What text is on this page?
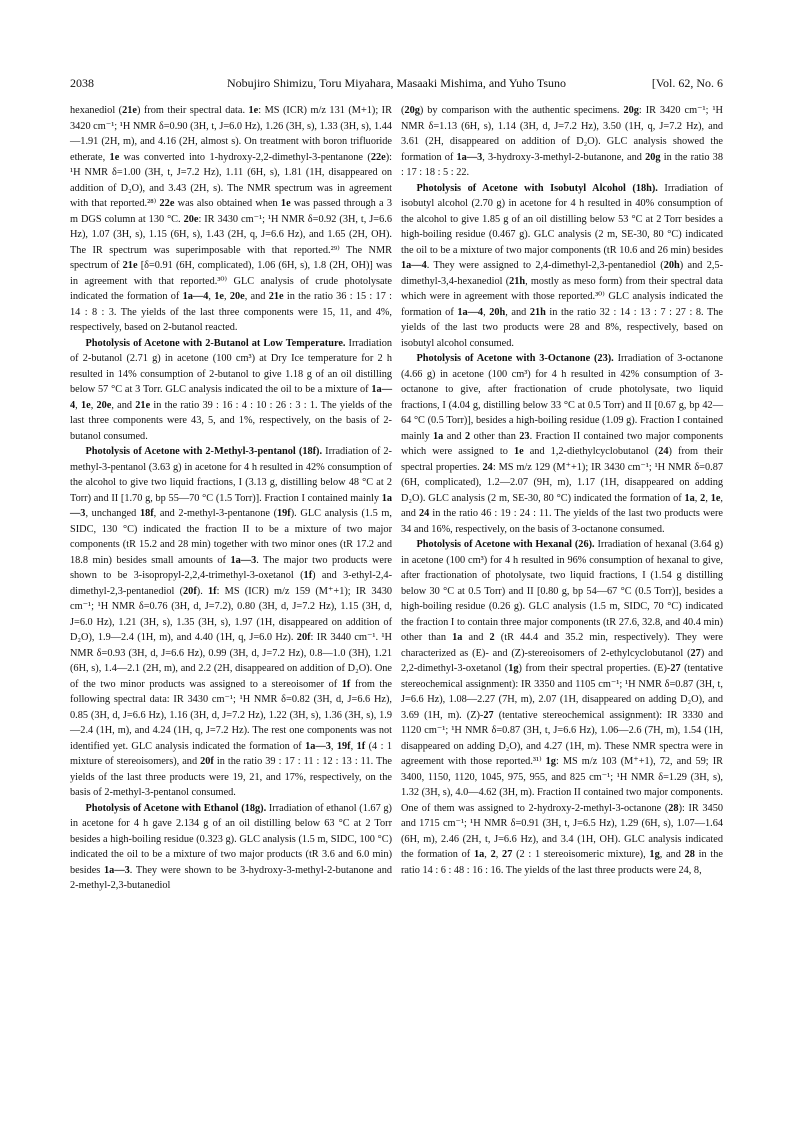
2038	Nobujiro Shimizu, Toru Miyahara, Masaaki Mishima, and Yuho Tsuno	[Vol. 62, No. 6

hexanediol (21e) from their spectral data. 1e: MS (ICR) m/z 131 (M+1); IR 3420 cm⁻¹; ¹H NMR δ=0.90 (3H, t, J=6.0 Hz), 1.26 (3H, s), 1.33 (3H, s), 1.44—1.91 (2H, m), and 4.16 (2H, almost s). On treatment with boron trifluoride etherate, 1e was converted into 1-hydroxy-2,2-dimethyl-3-pentanone (22e): ¹H NMR δ=1.00 (3H, t, J=7.2 Hz), 1.11 (6H, s), 1.81 (1H, disappeared on addition of D₂O), and 3.43 (2H, s). The NMR spectrum was in agreement with that reported.²⁸⁾ 22e was also obtained when 1e was passed through a 3 m DGS column at 130 °C. 20e: IR 3430 cm⁻¹; ¹H NMR δ=0.92 (3H, t, J=6.6 Hz), 1.07 (3H, s), 1.15 (6H, s), 1.43 (2H, q, J=6.6 Hz), and 1.65 (2H, OH). The IR spectrum was superimposable with that reported.²⁹⁾ The NMR spectrum of 21e [δ=0.91 (6H, complicated), 1.06 (6H, s), 1.8 (2H, OH)] was in agreement with that reported.³⁰⁾ GLC analysis of crude photolysate indicated the formation of 1a—4, 1e, 20e, and 21e in the ratio 36 : 15 : 17 : 14 : 8 : 3. The yields of the last three components were 15, 11, and 4%, respectively, based on 2-butanol reacted.

Photolysis of Acetone with 2-Butanol at Low Temperature. Irradiation of 2-butanol (2.71 g) in acetone (100 cm³) at Dry Ice temperature for 2 h resulted in 14% consumption of 2-butanol to give 1.18 g of an oil distilling below 57 °C at 3 Torr. GLC analysis indicated the oil to be a mixture of 1a—4, 1e, 20e, and 21e in the ratio 39 : 16 : 4 : 10 : 26 : 3 : 1. The yields of the last three components were 43, 5, and 1%, respectively, on the basis of 2-butanol consumed.

Photolysis of Acetone with 2-Methyl-3-pentanol (18f). Irradiation of 2-methyl-3-pentanol (3.63 g) in acetone for 4 h resulted in 42% consumption of the alcohol to give two liquid fractions, I (3.13 g, distilling below 48 °C at 2 Torr) and II [1.70 g, bp 55—70 °C (1.5 Torr)]. Fraction I contained mainly 1a—3, unchanged 18f, and 2-methyl-3-pentanone (19f). GLC analysis (1.5 m, SIDC, 130 °C) indicated the fraction II to be a mixture of two major components (tR 15.2 and 28 min) together with two minor ones (tR 17.2 and 18.8 min) besides small amounts of 1a—3. The major two products were shown to be 3-isopropyl-2,2,4-trimethyl-3-oxetanol (1f) and 3-ethyl-2,4-dimethyl-2,3-pentanediol (20f). 1f: MS (ICR) m/z 159 (M⁺+1); IR 3430 cm⁻¹; ¹H NMR δ=0.76 (3H, d, J=7.2), 0.80 (3H, d, J=7.2 Hz), 1.15 (3H, d, J=6.0 Hz), 1.21 (3H, s), 1.35 (3H, s), 1.97 (1H, disappeared on addition of D₂O), 1.9—2.4 (1H, m), and 4.40 (1H, q, J=6.0 Hz). 20f: IR 3440 cm⁻¹. ¹H NMR δ=0.93 (3H, d, J=6.6 Hz), 0.99 (3H, d, J=7.2 Hz), 0.8—1.0 (3H), 1.21 (6H, s), 1.4—2.1 (2H, m), and 2.2 (2H, disappeared on addition of D₂O). One of the two minor products was assigned to a stereoisomer of 1f from the following spectral data: IR 3430 cm⁻¹; ¹H NMR δ=0.82 (3H, d, J=6.6 Hz), 0.85 (3H, d, J=6.6 Hz), 1.16 (3H, d, J=7.2 Hz), 1.22 (3H, s), 1.36 (3H, s), 1.9—2.4 (1H, m), and 4.24 (1H, q, J=7.2 Hz). The rest one components was not identified yet. GLC analysis indicated the formation of 1a—3, 19f, 1f (4 : 1 mixture of stereoisomers), and 20f in the ratio 39 : 17 : 11 : 12 : 13 : 11. The yields of the last three products were 19, 21, and 17%, respectively, on the basis of 2-methyl-3-pentanol consumed.

Photolysis of Acetone with Ethanol (18g). Irradiation of ethanol (1.67 g) in acetone for 4 h gave 2.134 g of an oil distilling below 63 °C at 2 Torr besides a high-boiling residue (0.323 g). GLC analysis (1.5 m, SIDC, 100 °C) indicated the oil to be a mixture of two major products (tR 3.6 and 6.0 min) besides 1a—3. They were shown to be 3-hydroxy-3-methyl-2-butanone and 2-methyl-2,3-butanediol

(20g) by comparison with the authentic specimens. 20g: IR 3420 cm⁻¹; ¹H NMR δ=1.13 (6H, s), 1.14 (3H, d, J=7.2 Hz), 3.50 (1H, q, J=7.2 Hz), and 3.61 (2H, disappeared on addition of D₂O). GLC analysis showed the formation of 1a—3, 3-hydroxy-3-methyl-2-butanone, and 20g in the ratio 38 : 17 : 18 : 5 : 22.

Photolysis of Acetone with Isobutyl Alcohol (18h). Irradiation of isobutyl alcohol (2.70 g) in acetone for 4 h resulted in 40% consumption of the alcohol to give 1.85 g of an oil distilling below 53 °C at 2 Torr besides a high-boiling residue (0.467 g). GLC analysis (2 m, SE-30, 80 °C) indicated the oil to be a mixture of two major components (tR 10.6 and 26 min) besides 1a—4. They were assigned to 2,4-dimethyl-2,3-pentanediol (20h) and 2,5-dimethyl-3,4-hexanediol (21h, mostly as meso form) from their spectral data which were in agreement with those reported.³⁰⁾ GLC analysis indicated the formation of 1a—4, 20h, and 21h in the ratio 32 : 14 : 13 : 7 : 27 : 8. The yields of the last two products were 28 and 8%, respectively, based on isobutyl alcohol consumed.

Photolysis of Acetone with 3-Octanone (23). Irradiation of 3-octanone (4.66 g) in acetone (100 cm³) for 4 h resulted in 42% consumption of 3-octanone to give, after fractionation of crude photolysate, two liquid fractions, I (4.04 g, distilling below 33 °C at 0.5 Torr) and II [0.67 g, bp 42—64 °C (0.5 Torr)], besides a high-boiling residue (1.09 g). Fraction I contained mainly 1a and 2 other than 23. Fraction II contained two major components which were assigned to 1e and 1,2-diethylcyclobutanol (24) from their spectral properties. 24: MS m/z 129 (M⁺+1); IR 3430 cm⁻¹; ¹H NMR δ=0.87 (6H, complicated), 1.2—2.07 (9H, m), 1.17 (1H, disappeared on adding D₂O). GLC analysis (2 m, SE-30, 80 °C) indicated the formation of 1a, 2, 1e, and 24 in the ratio 46 : 19 : 24 : 11. The yields of the last two products were 34 and 16%, respectively, on the basis of 3-octanone consumed.

Photolysis of Acetone with Hexanal (26). Irradiation of hexanal (3.64 g) in acetone (100 cm³) for 4 h resulted in 96% consumption of hexanal to give, after fractionation of photolysate, two liquid fractions, I (1.54 g distilling below 30 °C at 0.5 Torr) and II [0.80 g, bp 54—67 °C (0.5 Torr)], besides a high-boiling residue (0.26 g). GLC analysis (1.5 m, SIDC, 70 °C) indicated the fraction I to contain three major components (tR 27.6, 32.8, and 40.4 min) other than 1a and 2 (tR 44.4 and 35.2 min, respectively). They were characterized as (E)- and (Z)-stereoisomers of 2-ethylcyclobutanol (27) and 2,2-dimethyl-3-oxetanol (1g) from their spectral properties. (E)-27 (tentative stereochemical assignment): IR 3350 and 1105 cm⁻¹; ¹H NMR δ=0.87 (3H, t, J=6.6 Hz), 1.08—2.27 (7H, m), 2.07 (1H, disappeared on adding D₂O), and 3.69 (1H, m). (Z)-27 (tentative stereochemical assignment): IR 3330 and 1120 cm⁻¹; ¹H NMR δ=0.87 (3H, t, J=6.6 Hz), 1.06—2.6 (7H, m), 1.54 (1H, disappeared on adding D₂O), and 4.27 (1H, m). These NMR spectra were in agreement with those reported.³¹⁾ 1g: MS m/z 103 (M⁺+1), 72, and 59; IR 3400, 1150, 1120, 1045, 975, 955, and 825 cm⁻¹; ¹H NMR δ=1.29 (3H, s), 1.32 (3H, s), 4.0—4.62 (3H, m). Fraction II contained two major components. One of them was assigned to 2-hydroxy-2-methyl-3-octanone (28): IR 3450 and 1715 cm⁻¹; ¹H NMR δ=0.91 (3H, t, J=6.5 Hz), 1.29 (6H, s), 1.07—1.64 (6H, m), 2.46 (2H, t, J=6.6 Hz), and 3.4 (1H, OH). GLC analysis indicated the formation of 1a, 2, 27 (2 : 1 stereoisomeric mixture), 1g, and 28 in the ratio 14 : 6 : 48 : 16 : 16. The yields of the last three products were 24, 8,
